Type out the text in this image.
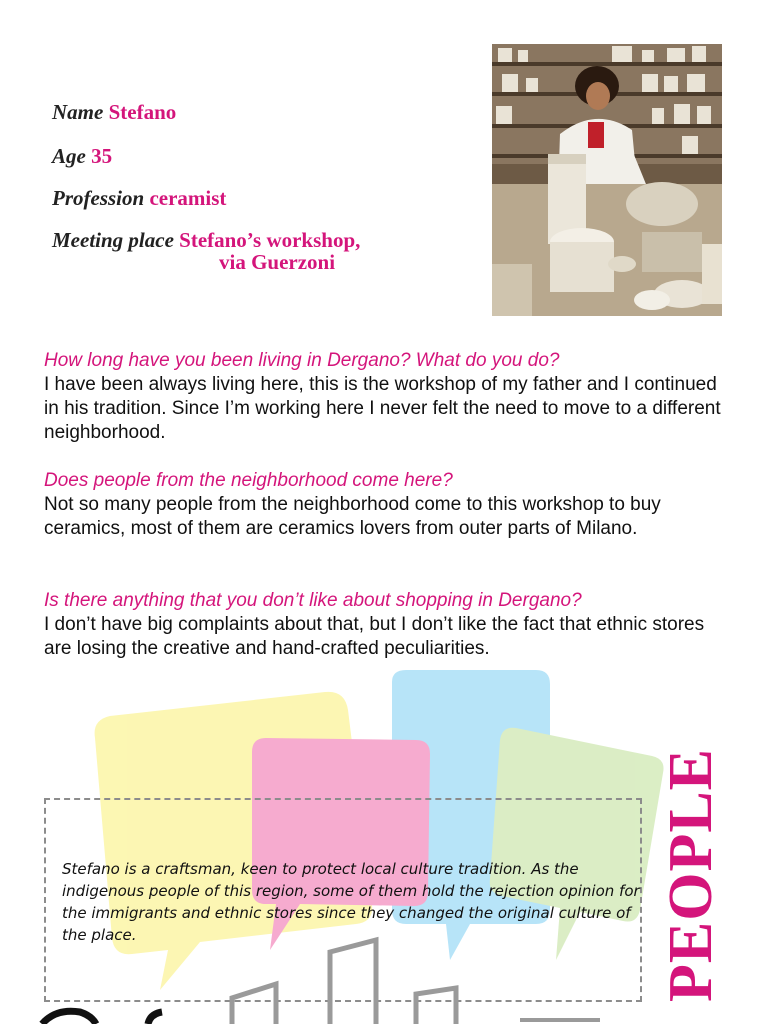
Name Stefano
Age 35
Profession ceramist
Meeting place Stefano’s workshop,
via Guerzoni
How long have you been living in Dergano? What do you do?
I have been always living here, this is the workshop of my father and I continued in his tradition. Since I’m working here I never felt the need to move to a different neighborhood.
Does people from the neighborhood come here?
Not so many people from the neighborhood come to this workshop to buy ceramics, most of them are ceramics lovers from outer parts of Milano.
Is there anything that you don’t like about shopping in Dergano?
I don’t have big complaints about that, but I don’t like the fact that ethnic stores are losing the creative and hand-crafted peculiarities.
Stefano is a craftsman, keen to protect local culture tradition. As the indigenous people of this region, some of them hold the rejection opinion for the immigrants and ethnic stores since they changed the original culture of the place.	PEOPLE
